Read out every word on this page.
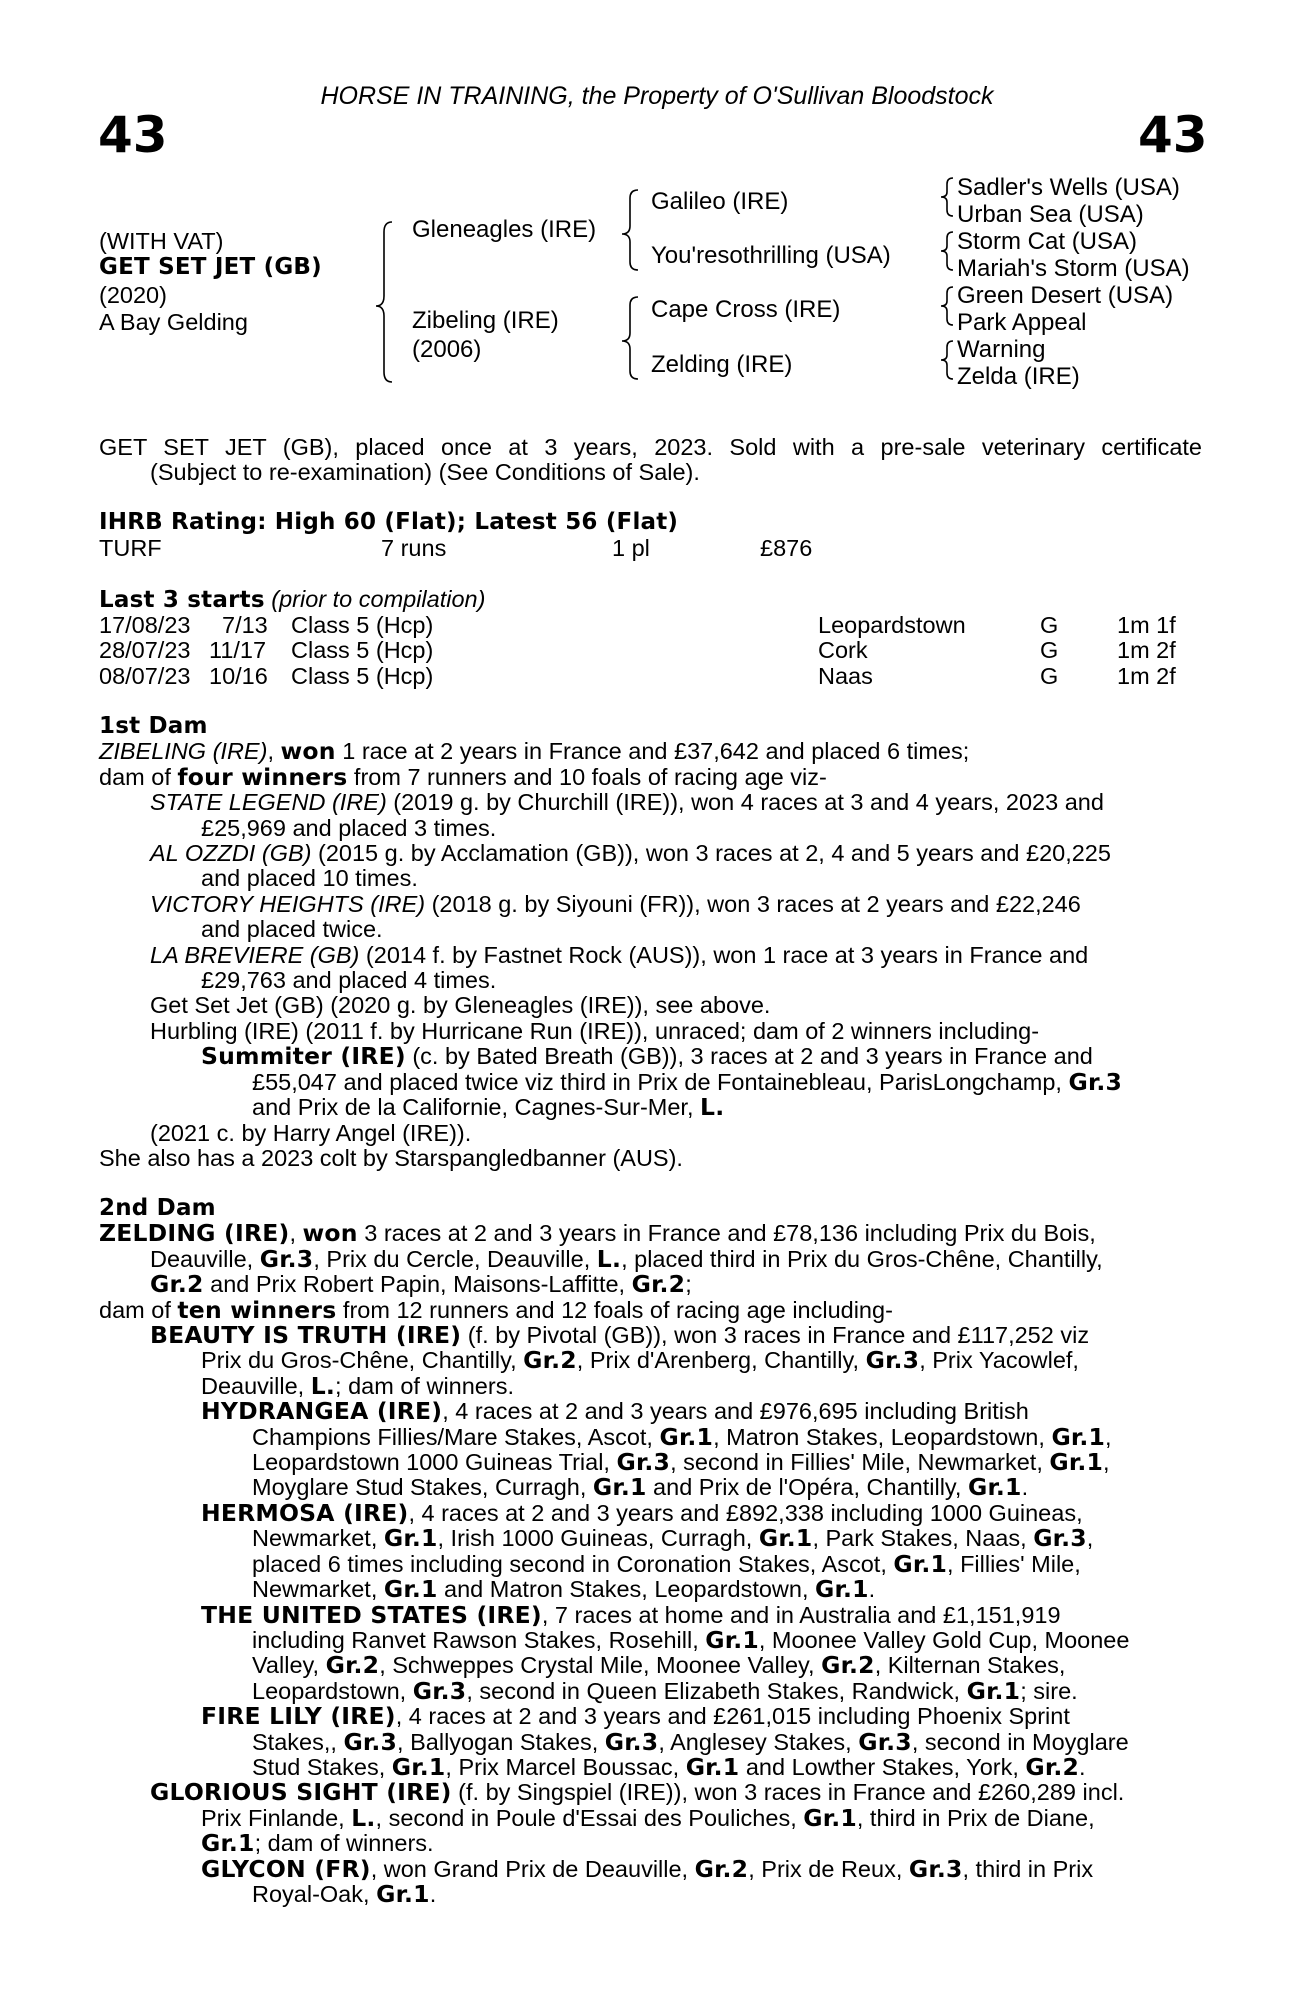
HORSE IN TRAINING, the Property of O'Sullivan Bloodstock
43	43
(WITH VAT)
GET SET JET (GB)
(2020)
A Bay Gelding
Gleneagles (IRE)
Zibeling (IRE)
(2006)
Galileo (IRE)
You'resothrilling (USA)
Cape Cross (IRE)
Zelding (IRE)
Sadler's Wells (USA)
Urban Sea (USA)
Storm Cat (USA)
Mariah's Storm (USA)
Green Desert (USA)
Park Appeal
Warning
Zelda (IRE)
GET SET JET (GB), placed once at 3 years, 2023. Sold with a pre-sale veterinary certificate
(Subject to re-examination) (See Conditions of Sale).
IHRB Rating: High 60 (Flat); Latest 56 (Flat)
TURF	7 runs	1 pl	£876
Last 3 starts (prior to compilation)
17/08/23 7/13 Class 5 (Hcp)	Leopardstown	G 1m 1f
28/07/23 11/17 Class 5 (Hcp)	Cork	G 1m 2f
08/07/23 10/16 Class 5 (Hcp)	Naas	G 1m 2f
1st Dam
ZIBELING (IRE), won 1 race at 2 years in France and £37,642 and placed 6 times;
dam of four winners from 7 runners and 10 foals of racing age viz-
STATE LEGEND (IRE) (2019 g. by Churchill (IRE)), won 4 races at 3 and 4 years, 2023 and
£25,969 and placed 3 times.
AL OZZDI (GB) (2015 g. by Acclamation (GB)), won 3 races at 2, 4 and 5 years and £20,225
and placed 10 times.
VICTORY HEIGHTS (IRE) (2018 g. by Siyouni (FR)), won 3 races at 2 years and £22,246
and placed twice.
LA BREVIERE (GB) (2014 f. by Fastnet Rock (AUS)), won 1 race at 3 years in France and
£29,763 and placed 4 times.
Get Set Jet (GB) (2020 g. by Gleneagles (IRE)), see above.
Hurbling (IRE) (2011 f. by Hurricane Run (IRE)), unraced; dam of 2 winners including-
Summiter (IRE) (c. by Bated Breath (GB)), 3 races at 2 and 3 years in France and
£55,047 and placed twice viz third in Prix de Fontainebleau, ParisLongchamp, Gr.3
and Prix de la Californie, Cagnes-Sur-Mer, L.
(2021 c. by Harry Angel (IRE)).
She also has a 2023 colt by Starspangledbanner (AUS).
2nd Dam
ZELDING (IRE), won 3 races at 2 and 3 years in France and £78,136 including Prix du Bois,
Deauville, Gr.3, Prix du Cercle, Deauville, L., placed third in Prix du Gros-Chêne, Chantilly,
Gr.2 and Prix Robert Papin, Maisons-Laffitte, Gr.2;
dam of ten winners from 12 runners and 12 foals of racing age including-
BEAUTY IS TRUTH (IRE) (f. by Pivotal (GB)), won 3 races in France and £117,252 viz
Prix du Gros-Chêne, Chantilly, Gr.2, Prix d'Arenberg, Chantilly, Gr.3, Prix Yacowlef,
Deauville, L.; dam of winners.
HYDRANGEA (IRE), 4 races at 2 and 3 years and £976,695 including British
Champions Fillies/Mare Stakes, Ascot, Gr.1, Matron Stakes, Leopardstown, Gr.1,
Leopardstown 1000 Guineas Trial, Gr.3, second in Fillies' Mile, Newmarket, Gr.1,
Moyglare Stud Stakes, Curragh, Gr.1 and Prix de l'Opéra, Chantilly, Gr.1.
HERMOSA (IRE), 4 races at 2 and 3 years and £892,338 including 1000 Guineas,
Newmarket, Gr.1, Irish 1000 Guineas, Curragh, Gr.1, Park Stakes, Naas, Gr.3,
placed 6 times including second in Coronation Stakes, Ascot, Gr.1, Fillies' Mile,
Newmarket, Gr.1 and Matron Stakes, Leopardstown, Gr.1.
THE UNITED STATES (IRE), 7 races at home and in Australia and £1,151,919
including Ranvet Rawson Stakes, Rosehill, Gr.1, Moonee Valley Gold Cup, Moonee
Valley, Gr.2, Schweppes Crystal Mile, Moonee Valley, Gr.2, Kilternan Stakes,
Leopardstown, Gr.3, second in Queen Elizabeth Stakes, Randwick, Gr.1; sire.
FIRE LILY (IRE), 4 races at 2 and 3 years and £261,015 including Phoenix Sprint
Stakes,, Gr.3, Ballyogan Stakes, Gr.3, Anglesey Stakes, Gr.3, second in Moyglare
Stud Stakes, Gr.1, Prix Marcel Boussac, Gr.1 and Lowther Stakes, York, Gr.2.
GLORIOUS SIGHT (IRE) (f. by Singspiel (IRE)), won 3 races in France and £260,289 incl.
Prix Finlande, L., second in Poule d'Essai des Pouliches, Gr.1, third in Prix de Diane,
Gr.1; dam of winners.
GLYCON (FR), won Grand Prix de Deauville, Gr.2, Prix de Reux, Gr.3, third in Prix
Royal-Oak, Gr.1.
